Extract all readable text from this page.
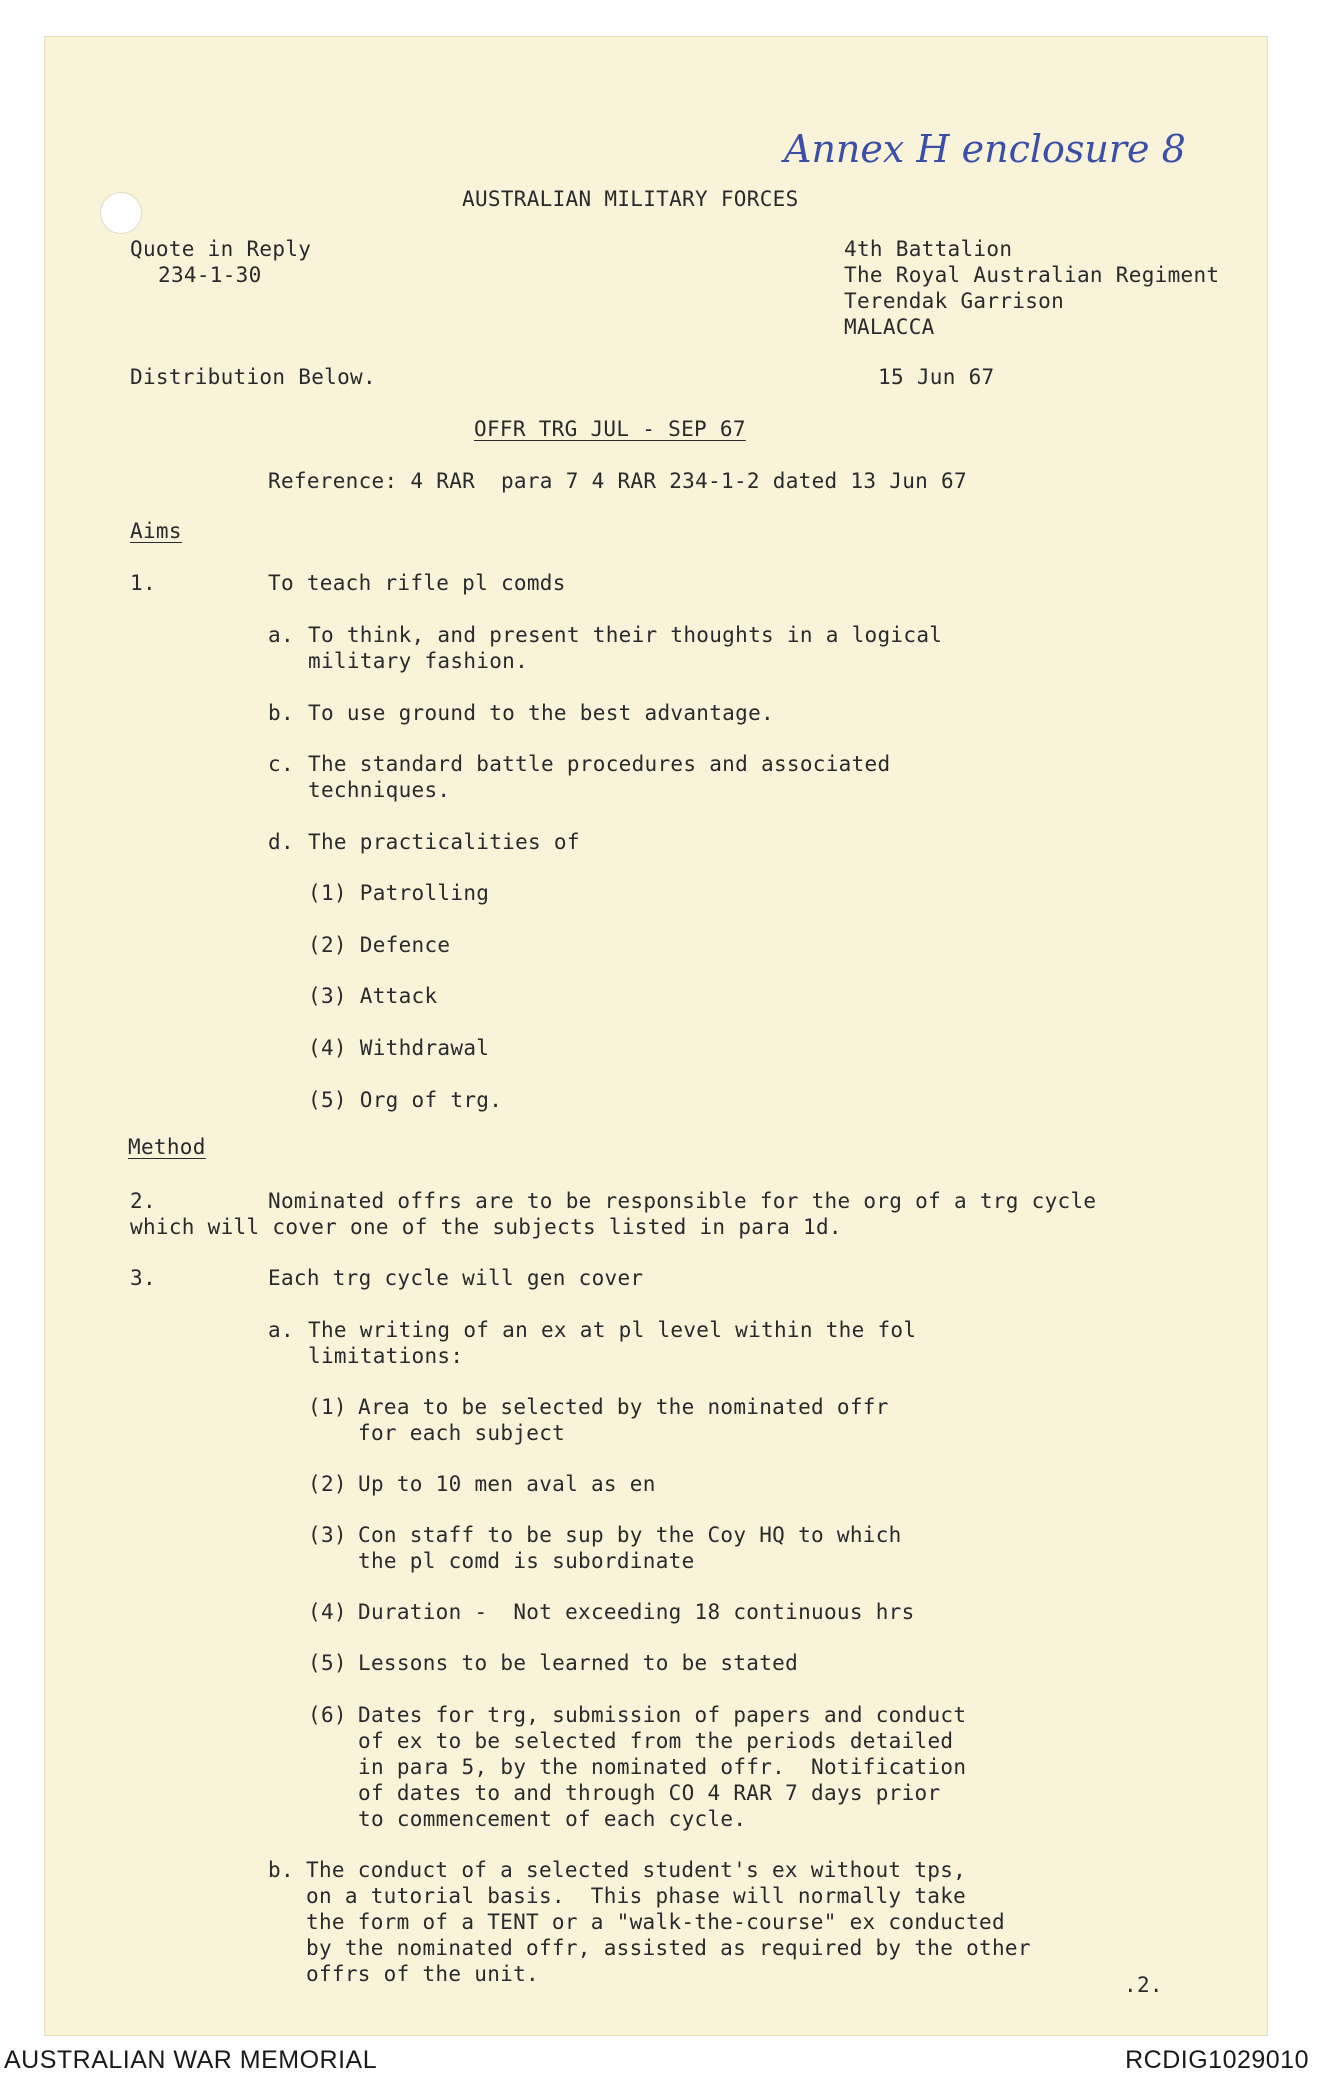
Annex H enclosure 8
AUSTRALIAN MILITARY FORCES
Quote in Reply
234-1-30
4th Battalion
The Royal Australian Regiment
Terendak Garrison
MALACCA
Distribution Below.	15 Jun 67
OFFR TRG JUL - SEP 67
Reference: 4 RAR  para 7 4 RAR 234-1-2 dated 13 Jun 67
Aims
1.	To teach rifle pl comds
a. To think, and present their thoughts in a logical
military fashion.
b. To use ground to the best advantage.
c. The standard battle procedures and associated
techniques.
d. The practicalities of
(1) Patrolling
(2) Defence
(3) Attack
(4) Withdrawal
(5) Org of trg.
Method
2.	Nominated offrs are to be responsible for the org of a trg cycle
which will cover one of the subjects listed in para 1d.
3.	Each trg cycle will gen cover
a. The writing of an ex at pl level within the fol
limitations:
(1) Area to be selected by the nominated offr
for each subject
(2) Up to 10 men aval as en
(3) Con staff to be sup by the Coy HQ to which
the pl comd is subordinate
(4) Duration -  Not exceeding 18 continuous hrs
(5) Lessons to be learned to be stated
(6) Dates for trg, submission of papers and conduct
of ex to be selected from the periods detailed
in para 5, by the nominated offr.  Notification
of dates to and through CO 4 RAR 7 days prior
to commencement of each cycle.
b. The conduct of a selected student's ex without tps,
on a tutorial basis.  This phase will normally take
the form of a TENT or a "walk-the-course" ex conducted
by the nominated offr, assisted as required by the other
offrs of the unit.	.2.
AUSTRALIAN WAR MEMORIAL	RCDIG1029010
